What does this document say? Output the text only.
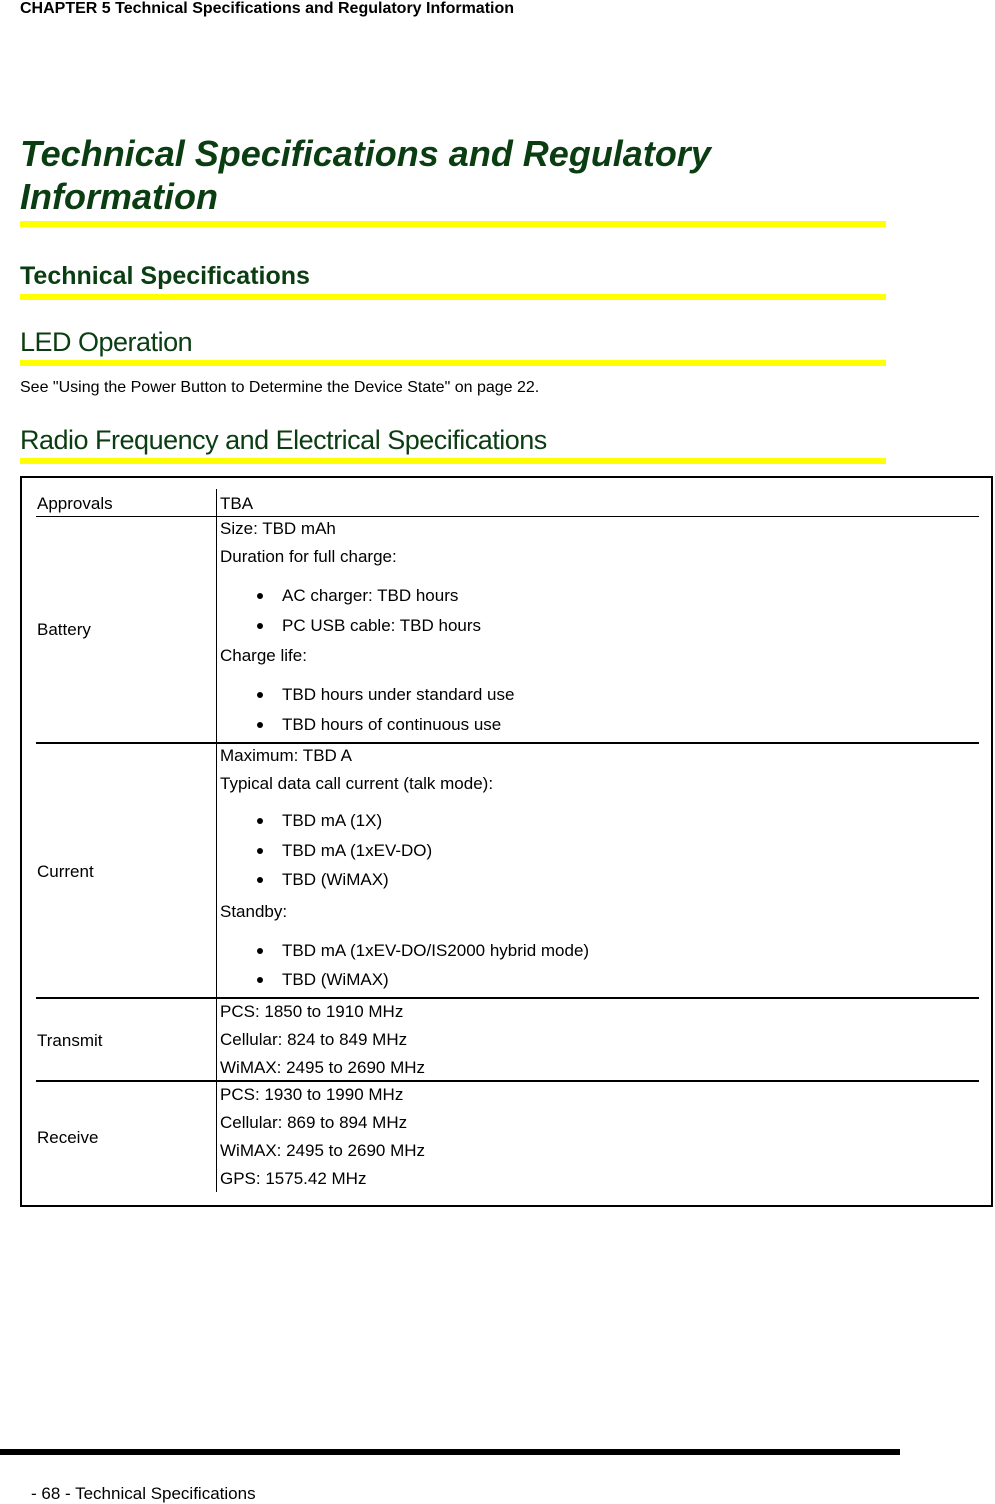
CHAPTER 5 Technical Specifications and Regulatory Information
Technical Specifications and Regulatory Information
Technical Specifications
LED Operation
See "Using the Power Button to Determine the Device State" on page 22.
Radio Frequency and Electrical Specifications
Approvals	TBA
Battery
Size: TBD mAh
Duration for full charge:
AC charger: TBD hours
PC USB cable: TBD hours
Charge life:
TBD hours under standard use
TBD hours of continuous use
Current
Maximum: TBD A
Typical data call current (talk mode):
TBD mA (1X)
TBD mA (1xEV-DO)
TBD (WiMAX)
Standby:
TBD mA (1xEV-DO/IS2000 hybrid mode)
TBD (WiMAX)
Transmit
PCS: 1850 to 1910 MHz
Cellular: 824 to 849 MHz
WiMAX: 2495 to 2690 MHz
Receive
PCS: 1930 to 1990 MHz
Cellular: 869 to 894 MHz
WiMAX: 2495 to 2690 MHz
GPS: 1575.42 MHz
- 68 - Technical Specifications
